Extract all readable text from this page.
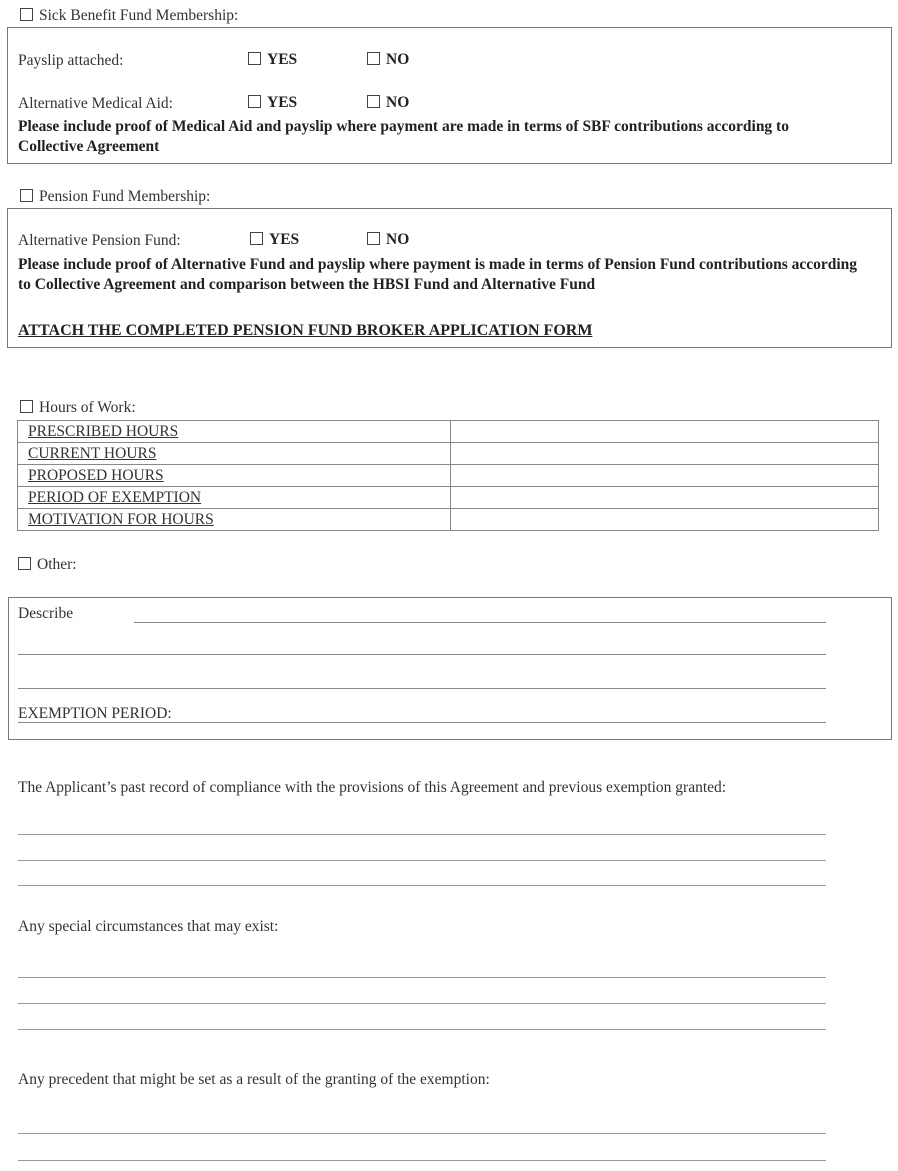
Sick Benefit Fund Membership:
Payslip attached:	YES	NO
Alternative Medical Aid:	YES	NO
Please include proof of Medical Aid and payslip where payment are made in terms of SBF contributions according to Collective Agreement
Pension Fund Membership:
Alternative Pension Fund:	YES	NO
Please include proof of Alternative Fund and payslip where payment is made in terms of Pension Fund contributions according to Collective Agreement and comparison between the HBSI Fund and Alternative Fund
ATTACH THE COMPLETED PENSION FUND BROKER APPLICATION FORM
Hours of Work:
PRESCRIBED HOURS	
CURRENT HOURS	
PROPOSED HOURS	
PERIOD OF EXEMPTION	
MOTIVATION FOR HOURS	
Other:
Describe
EXEMPTION PERIOD:
The Applicant’s past record of compliance with the provisions of this Agreement and previous exemption granted:
Any special circumstances that may exist:
Any precedent that might be set as a result of the granting of the exemption:
